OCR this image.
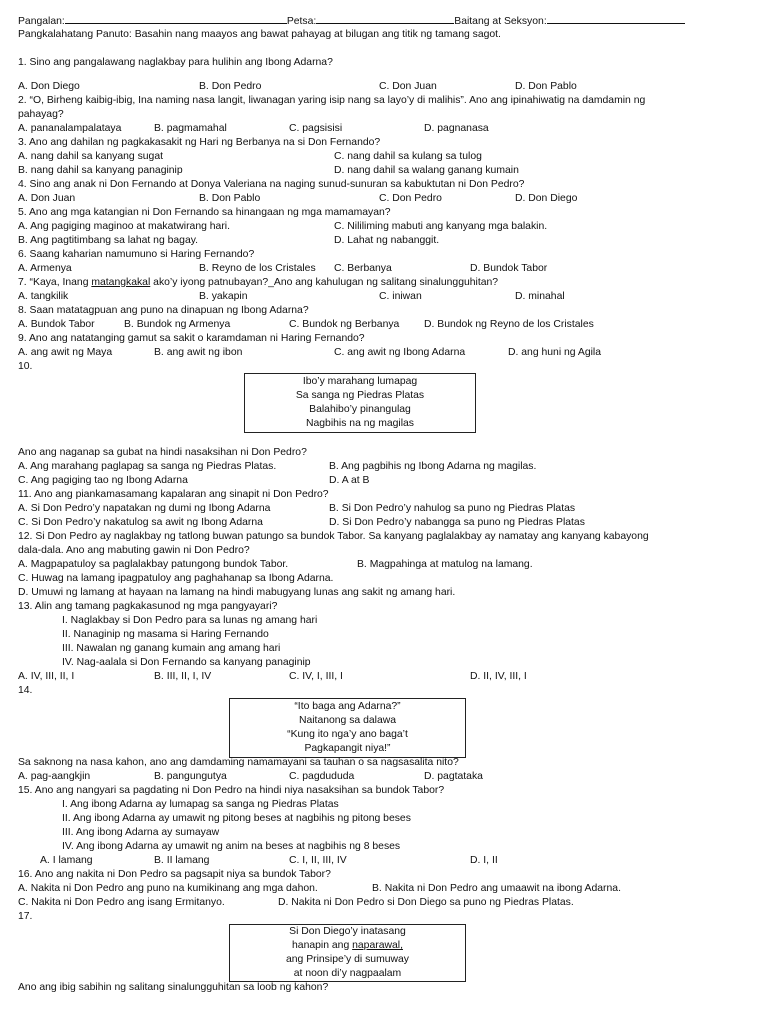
Pangalan:	Petsa:	Baitang at Seksyon:
Pangkalahatang Panuto: Basahin nang maayos ang bawat pahayag at bilugan ang titik ng tamang sagot.
1. Sino ang pangalawang naglakbay para hulihin ang Ibong Adarna?
A. Don Diego	B. Don Pedro	C. Don Juan	D. Don Pablo
2. “O, Birheng kaibig-ibig, Ina naming nasa langit, liwanagan yaring isip nang sa layo’y di malihis”. Ano ang ipinahiwatig na damdamin ng
pahayag?
A. pananalampalataya	B. pagmamahal	C. pagsisisi	D. pagnanasa
3. Ano ang dahilan ng pagkakasakit ng Hari ng Berbanya na si Don Fernando?
A. nang dahil sa kanyang sugat	C. nang dahil sa kulang sa tulog
B. nang dahil sa kanyang panaginip	D. nang dahil sa walang ganang kumain
4. Sino ang anak ni Don Fernando at Donya Valeriana na naging sunud-sunuran sa kabuktutan ni Don Pedro?
A. Don Juan	B. Don Pablo	C. Don Pedro	D. Don Diego
5. Ano ang mga katangian ni Don Fernando sa hinangaan ng mga mamamayan?
A. Ang pagiging maginoo at makatwirang hari.	C. Nililiming mabuti ang kanyang mga balakin.
B. Ang pagtitimbang sa lahat ng bagay.	D. Lahat ng nabanggit.
6. Saang kaharian namumuno si Haring Fernando?
A. Armenya	B. Reyno de los Cristales C. Berbanya	D. Bundok Tabor
7. “Kaya, Inang matangkakal ako’y iyong patnubayan?_Ano ang kahulugan ng salitang sinalungguhitan?
A. tangkilik	B. yakapin	C. iniwan	D. minahal
8. Saan matatagpuan ang puno na dinapuan ng Ibong Adarna?
A. Bundok Tabor	B. Bundok ng Armenya	C. Bundok ng Berbanya D. Bundok ng Reyno de los Cristales
9. Ano ang natatanging gamut sa sakit o karamdaman ni Haring Fernando?
A. ang awit ng Maya	B. ang awit ng ibon	C. ang awit ng Ibong Adarna	D. ang huni ng Agila
10.
Ibo’y marahang lumapag
Sa sanga ng Piedras Platas
Balahibo’y pinangulag
Nagbihis na ng magilas
Ano ang naganap sa gubat na hindi nasaksihan ni Don Pedro?
A. Ang marahang paglapag sa sanga ng Piedras Platas.	B. Ang pagbihis ng Ibong Adarna ng magilas.
C. Ang pagiging tao ng Ibong Adarna	D. A at B
11. Ano ang piankamasamang kapalaran ang sinapit ni Don Pedro?
A. Si Don Pedro’y napatakan ng dumi ng Ibong Adarna	B. Si Don Pedro’y nahulog sa puno ng Piedras Platas
C. Si Don Pedro’y nakatulog sa awit ng Ibong Adarna	D. Si Don Pedro’y nabangga sa puno ng Piedras Platas
12. Si Don Pedro ay naglakbay ng tatlong buwan patungo sa bundok Tabor. Sa kanyang paglalakbay ay namatay ang kanyang kabayong
dala-dala. Ano ang mabuting gawin ni Don Pedro?
A. Magpapatuloy sa paglalakbay patungong bundok Tabor.	B. Magpahinga at matulog na lamang.
C. Huwag na lamang ipagpatuloy ang paghahanap sa Ibong Adarna.
D. Umuwi ng lamang at hayaan na lamang na hindi mabugyang lunas ang sakit ng amang hari.
13. Alin ang tamang pagkakasunod ng mga pangyayari?
I. Naglakbay si Don Pedro para sa lunas ng amang hari
II. Nanaginip ng masama si Haring Fernando
III. Nawalan ng ganang kumain ang amang hari
IV. Nag-aalala si Don Fernando sa kanyang panaginip
A. IV, III, II, I	B. III, II, I, IV	C. IV, I, III, I	D. II, IV, III, I
14.
“Ito baga ang Adarna?”
Naitanong sa dalawa
“Kung ito nga’y ano baga’t
Pagkapangit niya!”
Sa saknong na nasa kahon, ano ang damdaming namamayani sa tauhan o sa nagsasalita nito?
A. pag-aangkjin	B. pangungutya	C. pagdududa	D. pagtataka
15. Ano ang nangyari sa pagdating ni Don Pedro na hindi niya nasaksihan sa bundok Tabor?
I. Ang ibong Adarna ay lumapag sa sanga ng Piedras Platas
II. Ang ibong Adarna ay umawit ng pitong beses at nagbihis ng pitong beses
III. Ang ibong Adarna ay sumayaw
IV. Ang ibong Adarna ay umawit ng anim na beses at nagbihis ng 8 beses
A. I lamang	B. II lamang	C. I, II, III, IV	D. I, II
16. Ano ang nakita ni Don Pedro sa pagsapit niya sa bundok Tabor?
A. Nakita ni Don Pedro ang puno na kumikinang ang mga dahon.	B. Nakita ni Don Pedro ang umaawit na ibong Adarna.
C. Nakita ni Don Pedro ang isang Ermitanyo.	D. Nakita ni Don Pedro si Don Diego sa puno ng Piedras Platas.
17.
Si Don Diego’y inatasang
hanapin ang naparawal,
ang Prinsipe’y di sumuway
at noon di’y nagpaalam
Ano ang ibig sabihin ng salitang sinalungguhitan sa loob ng kahon?
